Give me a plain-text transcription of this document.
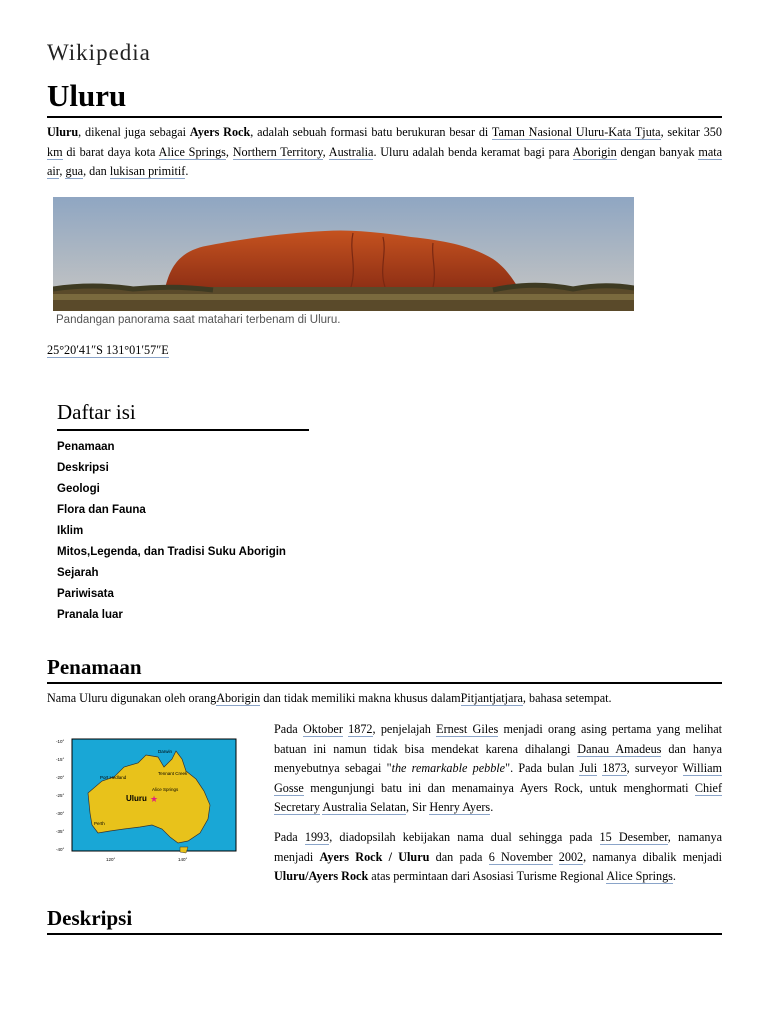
Wikipedia
Uluru

Uluru, dikenal juga sebagai Ayers Rock, adalah sebuah formasi batu berukuran besar di Taman Nasional Uluru-Kata Tjuta, sekitar 350 km di barat daya kota Alice Springs, Northern Territory, Australia. Uluru adalah benda keramat bagi para Aborigin dengan banyak mata air, gua, dan lukisan primitif.

Pandangan panorama saat matahari terbenam di Uluru.
25°20′41″S 131°01′57″E
Daftar isi
Penamaan
Deskripsi
Geologi
Flora dan Fauna
Iklim
Mitos,Legenda, dan Tradisi Suku Aborigin
Sejarah
Pariwisata
Pranala luar
Penamaan

Nama Uluru digunakan oleh orangAborigin dan tidak memiliki makna khusus dalamPitjantjatjara, bahasa setempat.

-10°
-15°
-20°
-25°
-30°
-35°
-40°
120°	140°
Darwin
Port Hedland
Tennant Creek
Alice Springs
Perth
Uluru ★

Pada Oktober 1872, penjelajah Ernest Giles menjadi orang asing pertama yang melihat batuan ini namun tidak bisa mendekat karena dihalangi Danau Amadeus dan hanya menyebutnya sebagai "the remarkable pebble". Pada bulan Juli 1873, surveyor William Gosse mengunjungi batu ini dan menamainya Ayers Rock, untuk menghormati Chief Secretary Australia Selatan, Sir Henry Ayers.

Pada 1993, diadopsilah kebijakan nama dual sehingga pada 15 Desember, namanya menjadi Ayers Rock / Uluru dan pada 6 November 2002, namanya dibalik menjadi Uluru/Ayers Rock atas permintaan dari Asosiasi Turisme Regional Alice Springs.

Deskripsi
